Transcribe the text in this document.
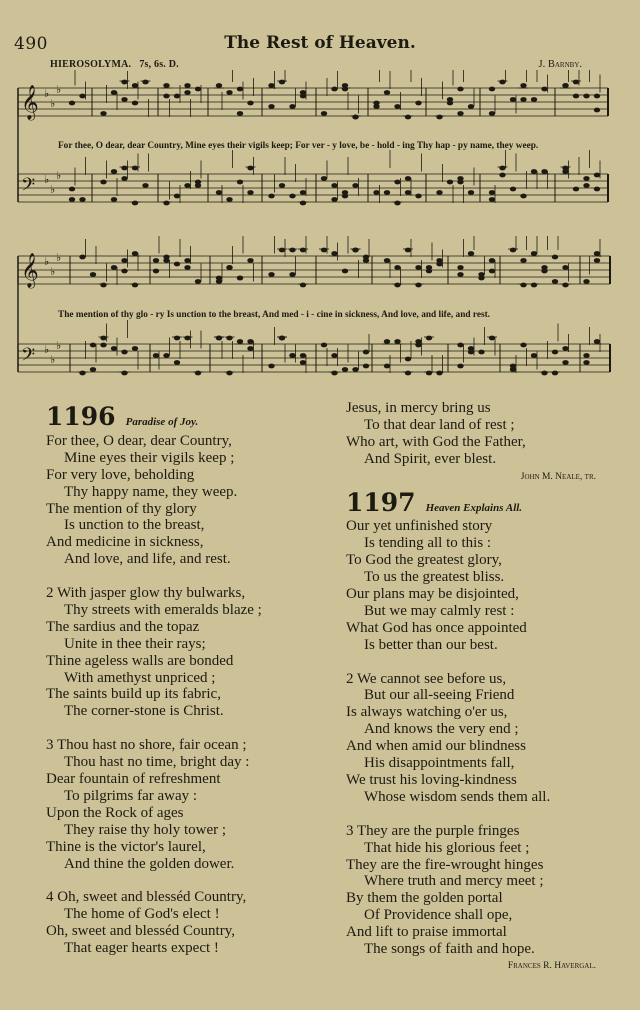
490	The Rest of Heaven.
HIEROSOLYMA. 7s, 6s. D.	J. Barnby.
𝄞 ♭
♭
♭
𝄢 ♭
♭
♭
For thee, O dear, dear Country, Mine eyes their vigils keep; For ver - y love, be - hold - ing Thy hap - py name, they weep.
𝄞 ♭
♭
♭
𝄢 ♭
♭
♭
The mention of thy glo - ry Is unction to the breast, And med - i - cine in sickness, And love, and life, and rest.
1196 Paradise of Joy.
For thee, O dear, dear Country,
Mine eyes their vigils keep ;
For very love, beholding
Thy happy name, they weep.
The mention of thy glory
Is unction to the breast,
And medicine in sickness,
And love, and life, and rest.
2 With jasper glow thy bulwarks,
Thy streets with emeralds blaze ;
The sardius and the topaz
Unite in thee their rays;
Thine ageless walls are bonded
With amethyst unpriced ;
The saints build up its fabric,
The corner-stone is Christ.
3 Thou hast no shore, fair ocean ;
Thou hast no time, bright day :
Dear fountain of refreshment
To pilgrims far away :
Upon the Rock of ages
They raise thy holy tower ;
Thine is the victor's laurel,
And thine the golden dower.
4 Oh, sweet and blesséd Country,
The home of God's elect !
Oh, sweet and blesséd Country,
That eager hearts expect !
Jesus, in mercy bring us
To that dear land of rest ;
Who art, with God the Father,
And Spirit, ever blest.
John M. Neale, tr.
1197 Heaven Explains All.
Our yet unfinished story
Is tending all to this :
To God the greatest glory,
To us the greatest bliss.
Our plans may be disjointed,
But we may calmly rest :
What God has once appointed
Is better than our best.
2 We cannot see before us,
But our all-seeing Friend
Is always watching o'er us,
And knows the very end ;
And when amid our blindness
His disappointments fall,
We trust his loving-kindness
Whose wisdom sends them all.
3 They are the purple fringes
That hide his glorious feet ;
They are the fire-wrought hinges
Where truth and mercy meet ;
By them the golden portal
Of Providence shall ope,
And lift to praise immortal
The songs of faith and hope.
Frances R. Havergal.
